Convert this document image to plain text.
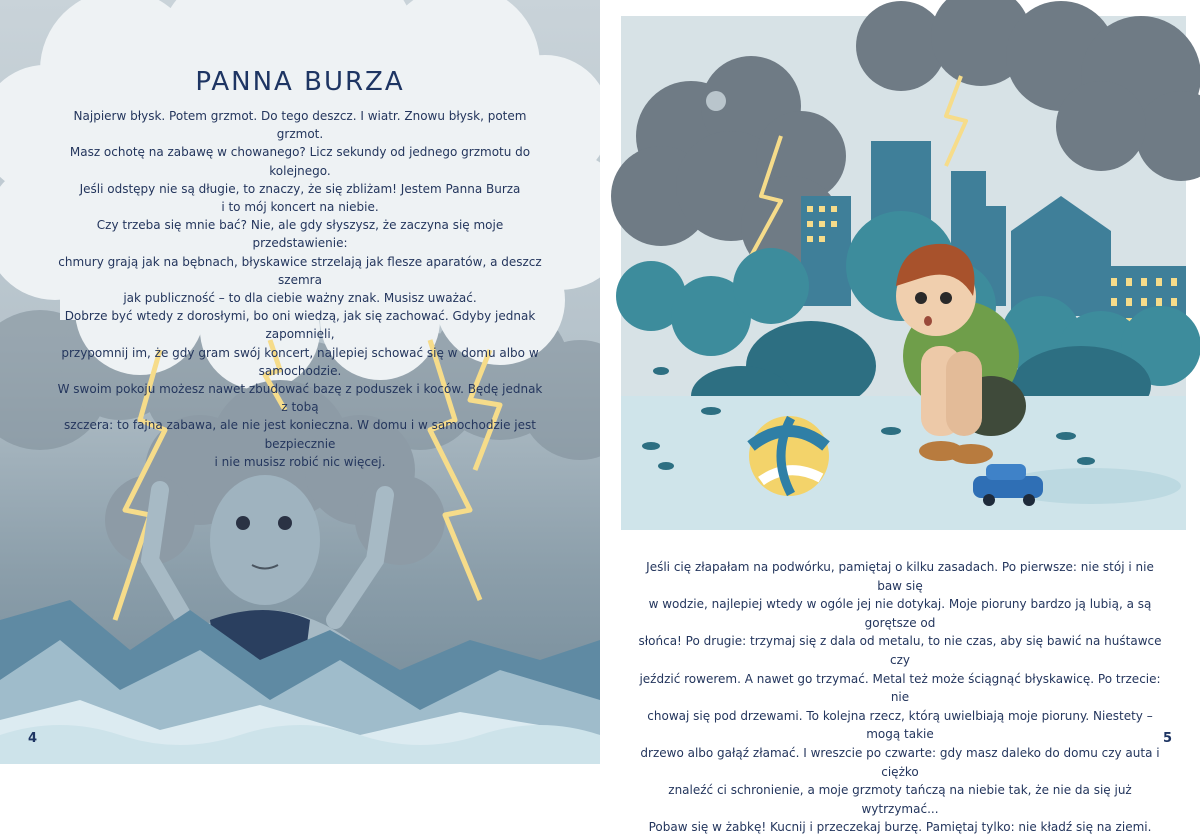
PANNA BURZA

Najpierw błysk. Potem grzmot. Do tego deszcz. I wiatr. Znowu błysk, potem grzmot.

Masz ochotę na zabawę w chowanego? Licz sekundy od jednego grzmotu do kolejnego.

Jeśli odstępy nie są długie, to znaczy, że się zbliżam! Jestem Panna Burza

i to mój koncert na niebie.

Czy trzeba się mnie bać? Nie, ale gdy słyszysz, że zaczyna się moje przedstawienie:

chmury grają jak na bębnach, błyskawice strzelają jak flesze aparatów, a deszcz szemra

jak publiczność – to dla ciebie ważny znak. Musisz uważać.

Dobrze być wtedy z dorosłymi, bo oni wiedzą, jak się zachować. Gdyby jednak zapomnieli,

przypomnij im, że gdy gram swój koncert, najlepiej schować się w domu albo w samochodzie.

W swoim pokoju możesz nawet zbudować bazę z poduszek i koców. Będę jednak z tobą

szczera: to fajna zabawa, ale nie jest konieczna. W domu i w samochodzie jest bezpiecznie

i nie musisz robić nic więcej.

4

Jeśli cię złapałam na podwórku, pamiętaj o kilku zasadach. Po pierwsze: nie stój i nie baw się

w wodzie, najlepiej wtedy w ogóle jej nie dotykaj. Moje pioruny bardzo ją lubią, a są gorętsze od

słońca! Po drugie: trzymaj się z dala od metalu, to nie czas, aby się bawić na huśtawce czy

jeździć rowerem. A nawet go trzymać. Metal też może ściągnąć błyskawicę. Po trzecie: nie

chowaj się pod drzewami. To kolejna rzecz, którą uwielbiają moje pioruny. Niestety – mogą takie

drzewo albo gałąź złamać. I wreszcie po czwarte: gdy masz daleko do domu czy auta i ciężko

znaleźć ci schronienie, a moje grzmoty tańczą na niebie tak, że nie da się już wytrzymać...

Pobaw się w żabkę! Kucnij i przeczekaj burzę. Pamiętaj tylko: nie kładź się na ziemi.

5
